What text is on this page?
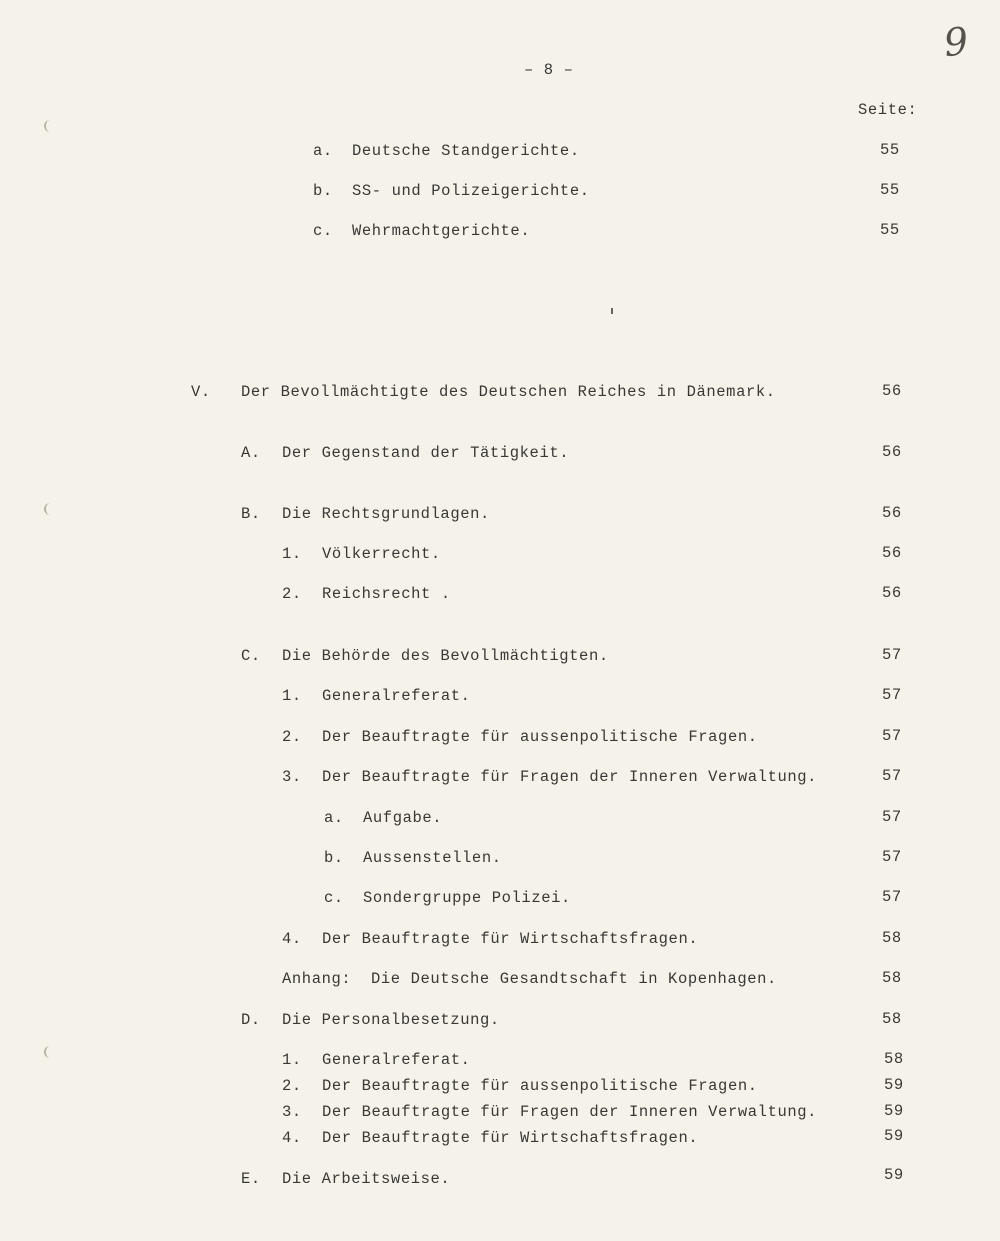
9
– 8 –
Seite:
a. Deutsche Standgerichte.	55
b. SS- und Polizeigerichte.	55
c. Wehrmachtgerichte.	55
V. Der Bevollmächtigte des Deutschen Reiches in Dänemark.	56
A. Der Gegenstand der Tätigkeit.	56
B. Die Rechtsgrundlagen.	56
1. Völkerrecht.	56
2. Reichsrecht .	56
C. Die Behörde des Bevollmächtigten.	57
1. Generalreferat.	57
2. Der Beauftragte für aussenpolitische Fragen.	57
3. Der Beauftragte für Fragen der Inneren Verwaltung.	57
a. Aufgabe.	57
b. Aussenstellen.	57
c. Sondergruppe Polizei.	57
4. Der Beauftragte für Wirtschaftsfragen.	58
Anhang: Die Deutsche Gesandtschaft in Kopenhagen.	58
D. Die Personalbesetzung.	58
1. Generalreferat.	58
2. Der Beauftragte für aussenpolitische Fragen.	59
3. Der Beauftragte für Fragen der Inneren Verwaltung.	59
4. Der Beauftragte für Wirtschaftsfragen.	59
E. Die Arbeitsweise.	59
